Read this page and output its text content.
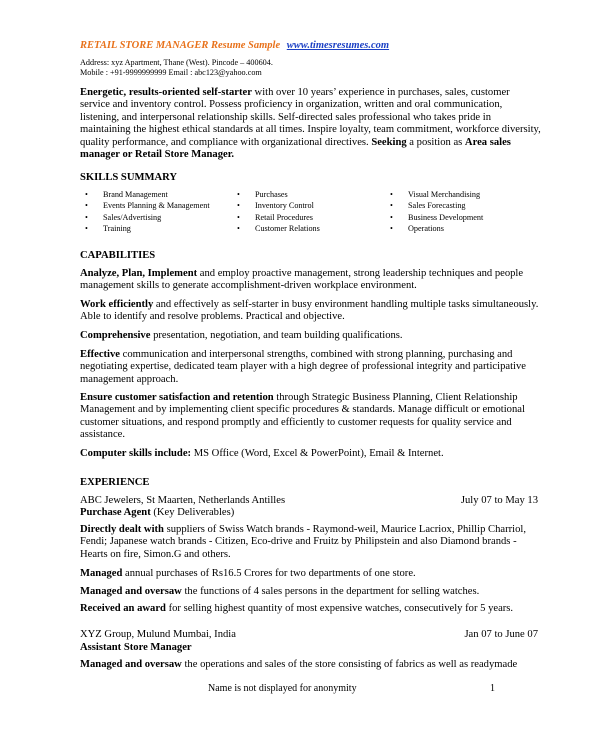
RETAIL STORE MANAGER Resume Sample www.timesresumes.com
Address: xyz Apartment, Thane (West). Pincode – 400604.
Mobile : +91-9999999999 Email : abc123@yahoo.com

Energetic, results-oriented self-starter with over 10 years’ experience in purchases, sales, customer service and inventory control. Possess proficiency in organization, written and oral communication, listening, and interpersonal relationship skills. Self-directed sales professional who takes pride in maintaining the highest ethical standards at all times. Inspire loyalty, team commitment, workforce diversity, quality performance, and compliance with organizational directives. Seeking a position as Area sales manager or Retail Store Manager.

SKILLS SUMMARY
• Brand Management
• Events Planning & Management
• Sales/Advertising
• Training
• Purchases
• Inventory Control
• Retail Procedures
• Customer Relations
• Visual Merchandising
• Sales Forecasting
• Business Development
• Operations
CAPABILITIES

Analyze, Plan, Implement and employ proactive management, strong leadership techniques and people management skills to generate accomplishment-driven workplace environment.

Work efficiently and effectively as self-starter in busy environment handling multiple tasks simultaneously. Able to identify and resolve problems. Practical and objective.

Comprehensive presentation, negotiation, and team building qualifications.

Effective communication and interpersonal strengths, combined with strong planning, purchasing and negotiating expertise, dedicated team player with a high degree of professional integrity and participative management approach.

Ensure customer satisfaction and retention through Strategic Business Planning, Client Relationship Management and by implementing client specific procedures & standards. Manage difficult or emotional customer situations, and respond promptly and efficiently to customer requests for quality service and assistance.

Computer skills include: MS Office (Word, Excel & PowerPoint), Email & Internet.

EXPERIENCE
ABC Jewelers, St Maarten, Netherlands Antilles	July 07 to May 13
Purchase Agent (Key Deliverables)

Directly dealt with suppliers of Swiss Watch brands - Raymond-weil, Maurice Lacriox, Phillip Charriol, Fendi; Japanese watch brands - Citizen, Eco-drive and Fruitz by Philipstein and also Diamond brands - Hearts on fire, Simon.G and others.

Managed annual purchases of Rs16.5 Crores for two departments of one store.

Managed and oversaw the functions of 4 sales persons in the department for selling watches.

Received an award for selling highest quantity of most expensive watches, consecutively for 5 years.

XYZ Group, Mulund Mumbai, India	Jan 07 to June 07
Assistant Store Manager

Managed and oversaw the operations and sales of the store consisting of fabrics as well as readymade

Name is not displayed for anonymity	1
